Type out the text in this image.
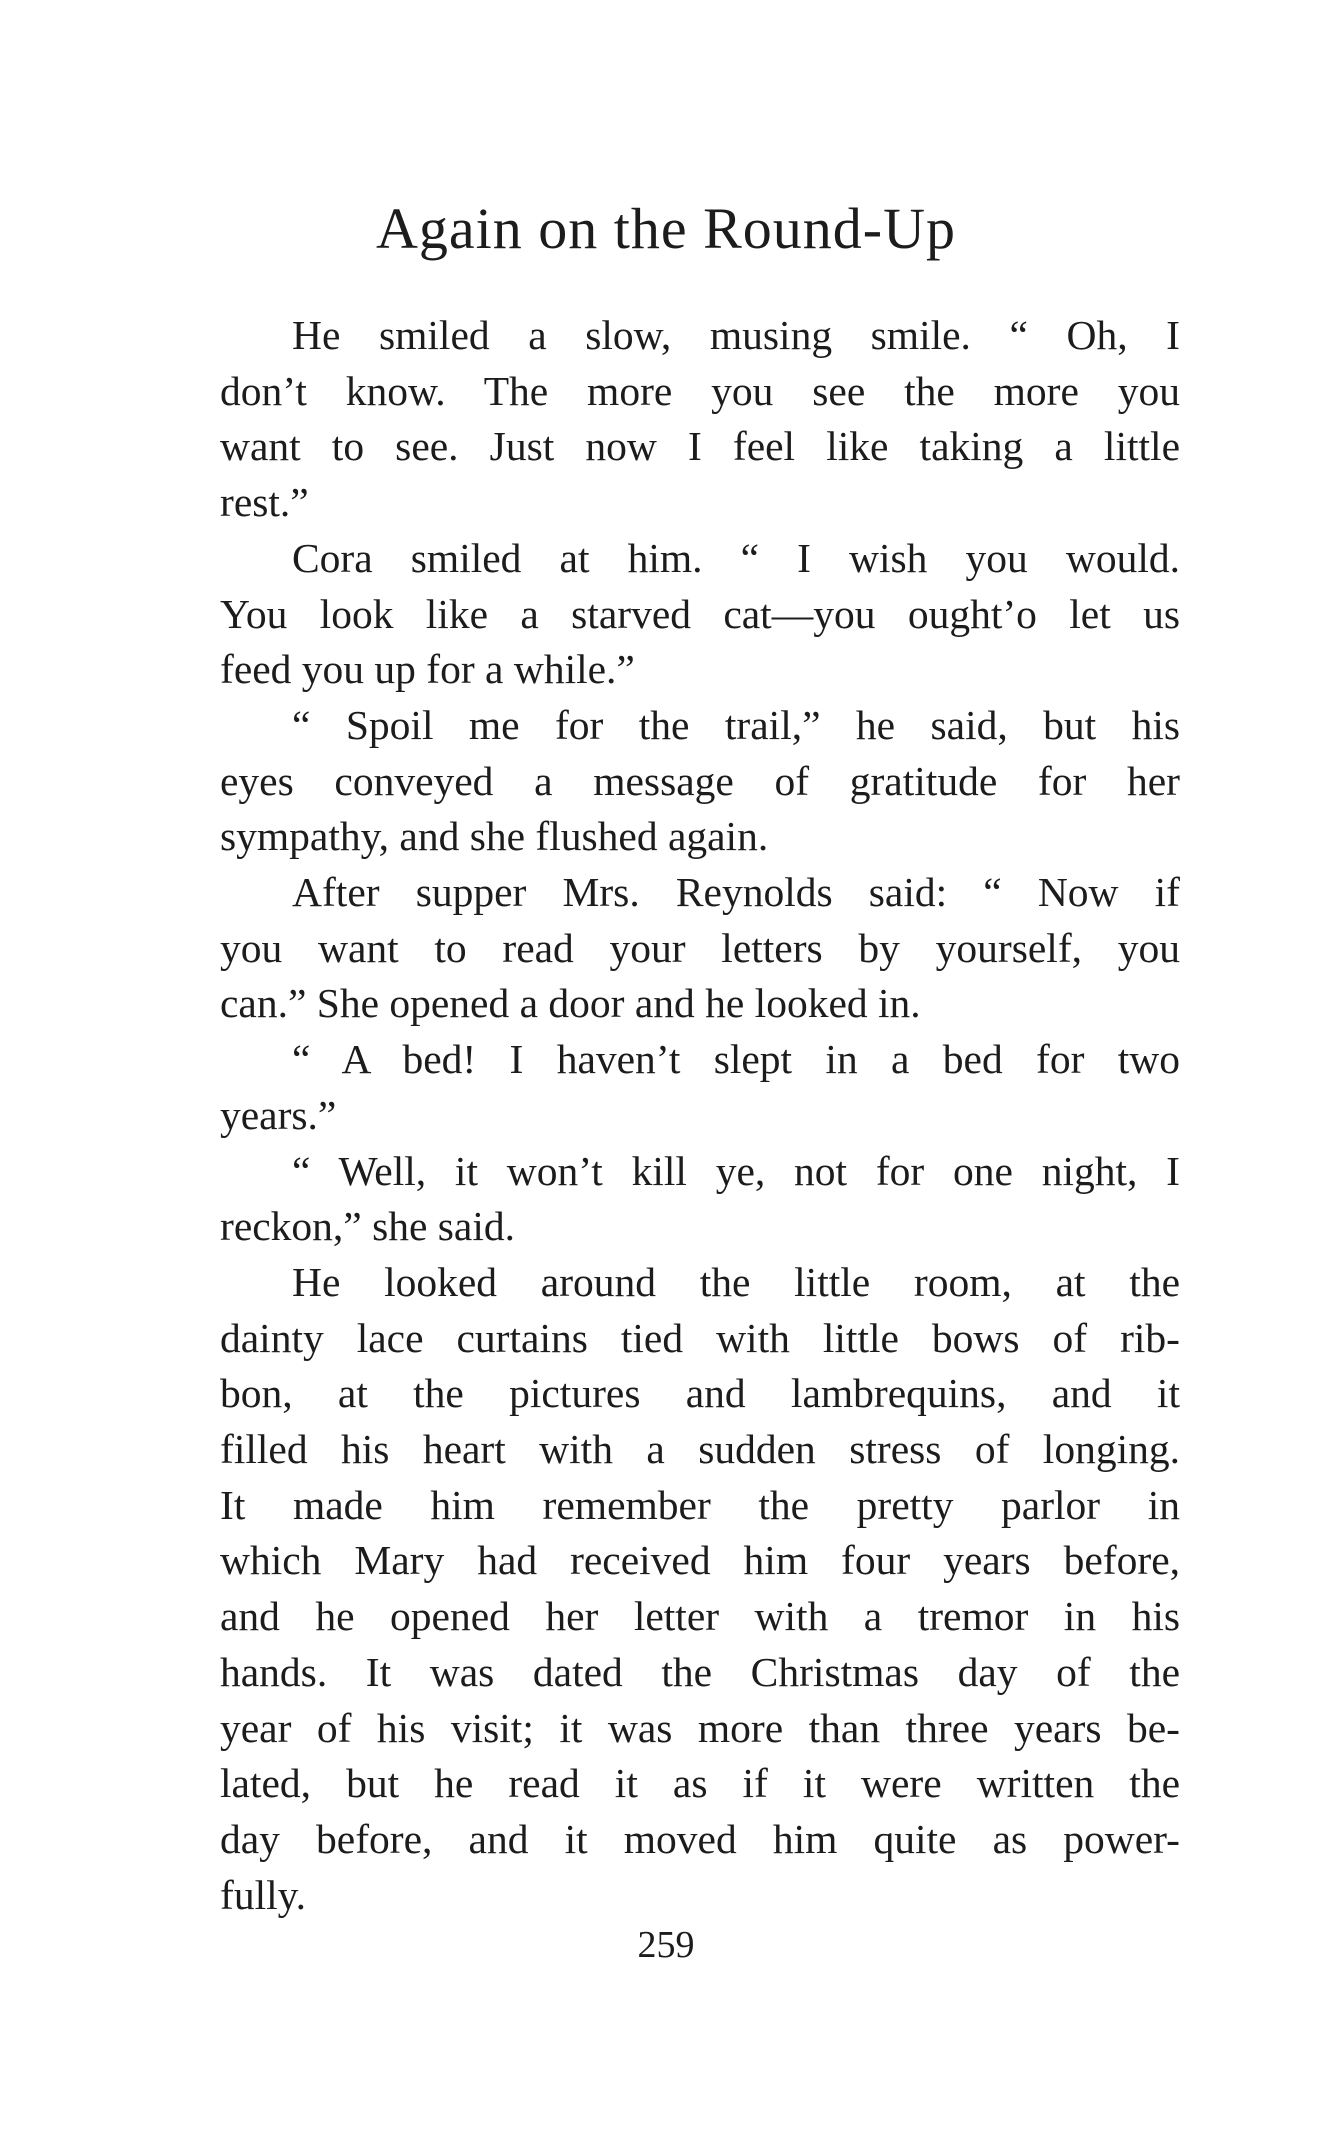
Again on the Round-Up

He smiled a slow, musing smile. “ Oh, I
don’t know. The more you see the more you
want to see. Just now I feel like taking a little
rest.”

Cora smiled at him. “ I wish you would.
You look like a starved cat—you ought’o let us
feed you up for a while.”

“ Spoil me for the trail,” he said, but his
eyes conveyed a message of gratitude for her
sympathy, and she flushed again.

After supper Mrs. Reynolds said: “ Now if
you want to read your letters by yourself, you
can.” She opened a door and he looked in.

“ A bed! I haven’t slept in a bed for two
years.”

“ Well, it won’t kill ye, not for one night, I
reckon,” she said.

He looked around the little room, at the
dainty lace curtains tied with little bows of rib-
bon, at the pictures and lambrequins, and it
filled his heart with a sudden stress of longing.
It made him remember the pretty parlor in
which Mary had received him four years before,
and he opened her letter with a tremor in his
hands. It was dated the Christmas day of the
year of his visit; it was more than three years be-
lated, but he read it as if it were written the
day before, and it moved him quite as power-
fully.

259
